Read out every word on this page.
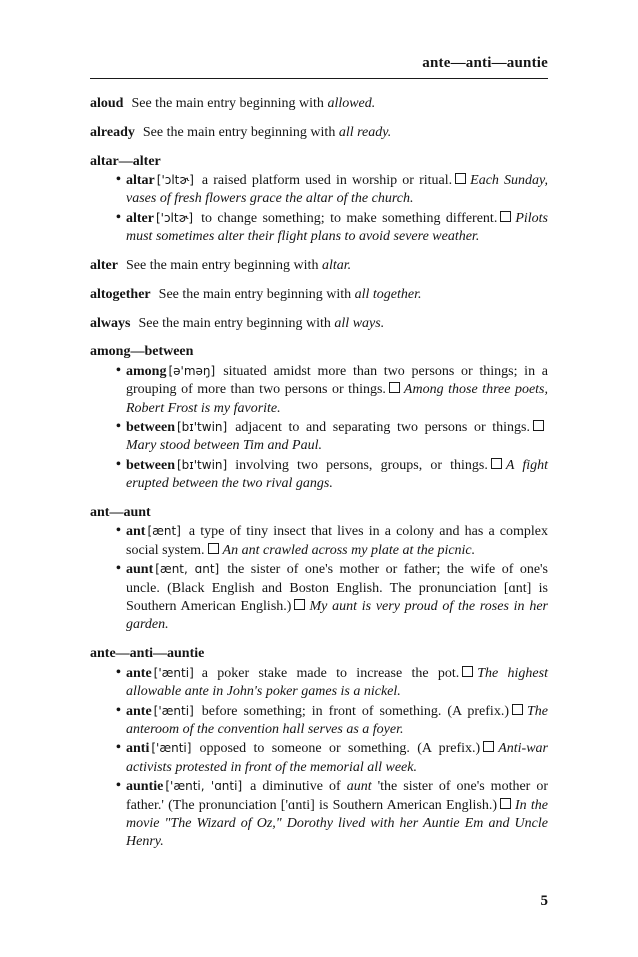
ante—anti—auntie
aloud See the main entry beginning with allowed.
already See the main entry beginning with all ready.
altar—alter
• altar ['ɔltɚ] a raised platform used in worship or ritual. Each Sunday, vases of fresh flowers grace the altar of the church.
• alter ['ɔltɚ] to change something; to make something different. Pilots must sometimes alter their flight plans to avoid severe weather.
alter See the main entry beginning with altar.
altogether See the main entry beginning with all together.
always See the main entry beginning with all ways.
among—between
• among [ə'məŋ] situated amidst more than two persons or things; in a grouping of more than two persons or things. Among those three poets, Robert Frost is my favorite.
• between [bɪ'twin] adjacent to and separating two persons or things.Mary stood between Tim and Paul.
• between [bɪ'twin] involving two persons, groups, or things. A fight erupted between the two rival gangs.
ant—aunt
• ant [ænt] a type of tiny insect that lives in a colony and has a complex social system. An ant crawled across my plate at the picnic.
• aunt [ænt, ɑnt] the sister of one's mother or father; the wife of one's uncle. (Black English and Boston English. The pronunciation [ɑnt] is Southern American English.) My aunt is very proud of the roses in her garden.
ante—anti—auntie
• ante ['ænti] a poker stake made to increase the pot. The highest allowable ante in John's poker games is a nickel.
• ante ['ænti] before something; in front of something. (A prefix.) The anteroom of the convention hall serves as a foyer.
• anti ['ænti] opposed to someone or something. (A prefix.) Anti-war activists protested in front of the memorial all week.
• auntie ['ænti, 'ɑnti] a diminutive of aunt 'the sister of one's mother or father.' (The pronunciation ['ɑnti] is Southern American English.) In the movie "The Wizard of Oz," Dorothy lived with her Auntie Em and Uncle Henry.
5
